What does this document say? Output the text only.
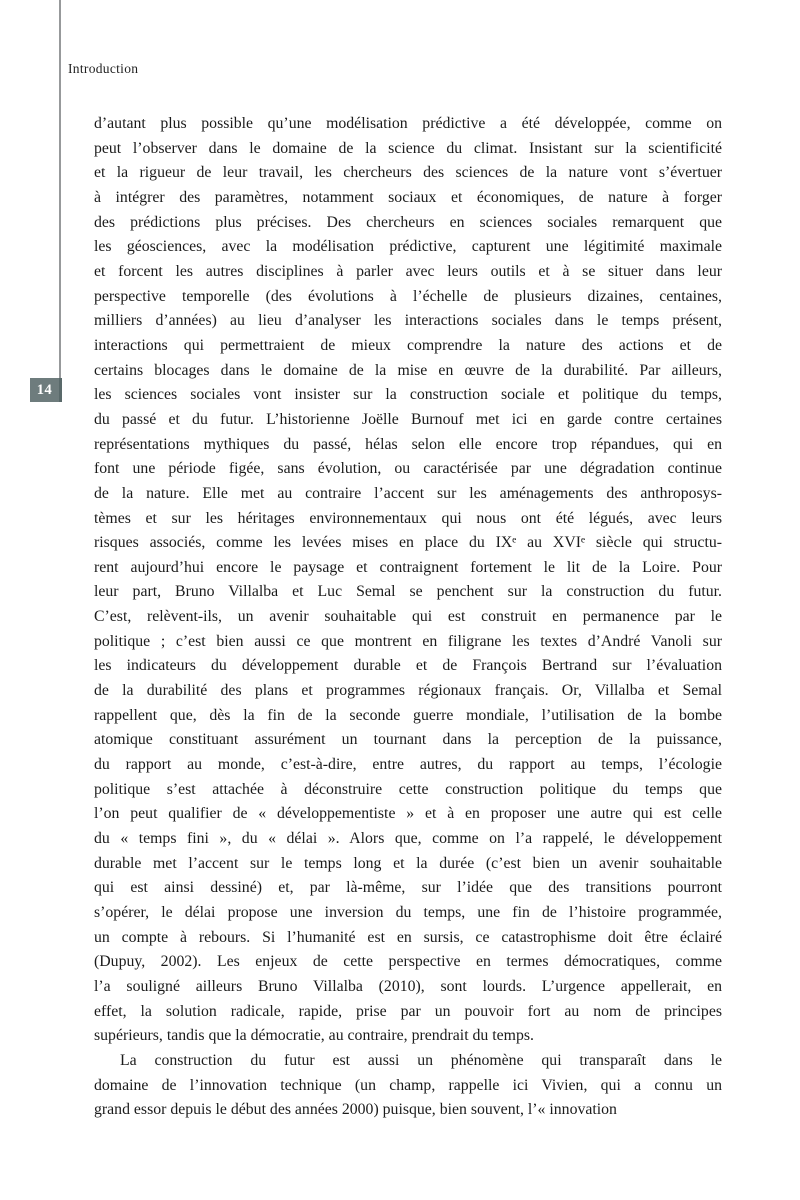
14
Introduction
d’autant plus possible qu’une modélisation prédictive a été développée, comme on
peut l’observer dans le domaine de la science du climat. Insistant sur la scientificité
et la rigueur de leur travail, les chercheurs des sciences de la nature vont s’évertuer
à intégrer des paramètres, notamment sociaux et économiques, de nature à forger
des prédictions plus précises. Des chercheurs en sciences sociales remarquent que
les géosciences, avec la modélisation prédictive, capturent une légitimité maximale
et forcent les autres disciplines à parler avec leurs outils et à se situer dans leur
perspective temporelle (des évolutions à l’échelle de plusieurs dizaines, centaines,
milliers d’années) au lieu d’analyser les interactions sociales dans le temps présent,
interactions qui permettraient de mieux comprendre la nature des actions et de
certains blocages dans le domaine de la mise en œuvre de la durabilité. Par ailleurs,
les sciences sociales vont insister sur la construction sociale et politique du temps,
du passé et du futur. L’historienne Joëlle Burnouf met ici en garde contre certaines
représentations mythiques du passé, hélas selon elle encore trop répandues, qui en
font une période figée, sans évolution, ou caractérisée par une dégradation continue
de la nature. Elle met au contraire l’accent sur les aménagements des anthroposys-
tèmes et sur les héritages environnementaux qui nous ont été légués, avec leurs
risques associés, comme les levées mises en place du IXᵉ au XVIᵉ siècle qui structu-
rent aujourd’hui encore le paysage et contraignent fortement le lit de la Loire. Pour
leur part, Bruno Villalba et Luc Semal se penchent sur la construction du futur.
C’est, relèvent-ils, un avenir souhaitable qui est construit en permanence par le
politique ; c’est bien aussi ce que montrent en filigrane les textes d’André Vanoli sur
les indicateurs du développement durable et de François Bertrand sur l’évaluation
de la durabilité des plans et programmes régionaux français. Or, Villalba et Semal
rappellent que, dès la fin de la seconde guerre mondiale, l’utilisation de la bombe
atomique constituant assurément un tournant dans la perception de la puissance,
du rapport au monde, c’est-à-dire, entre autres, du rapport au temps, l’écologie
politique s’est attachée à déconstruire cette construction politique du temps que
l’on peut qualifier de « développementiste » et à en proposer une autre qui est celle
du « temps fini », du « délai ». Alors que, comme on l’a rappelé, le développement
durable met l’accent sur le temps long et la durée (c’est bien un avenir souhaitable
qui est ainsi dessiné) et, par là-même, sur l’idée que des transitions pourront
s’opérer, le délai propose une inversion du temps, une fin de l’histoire programmée,
un compte à rebours. Si l’humanité est en sursis, ce catastrophisme doit être éclairé
(Dupuy, 2002). Les enjeux de cette perspective en termes démocratiques, comme
l’a souligné ailleurs Bruno Villalba (2010), sont lourds. L’urgence appellerait, en
effet, la solution radicale, rapide, prise par un pouvoir fort au nom de principes
supérieurs, tandis que la démocratie, au contraire, prendrait du temps.
La construction du futur est aussi un phénomène qui transparaît dans le
domaine de l’innovation technique (un champ, rappelle ici Vivien, qui a connu un
grand essor depuis le début des années 2000) puisque, bien souvent, l’« innovation
